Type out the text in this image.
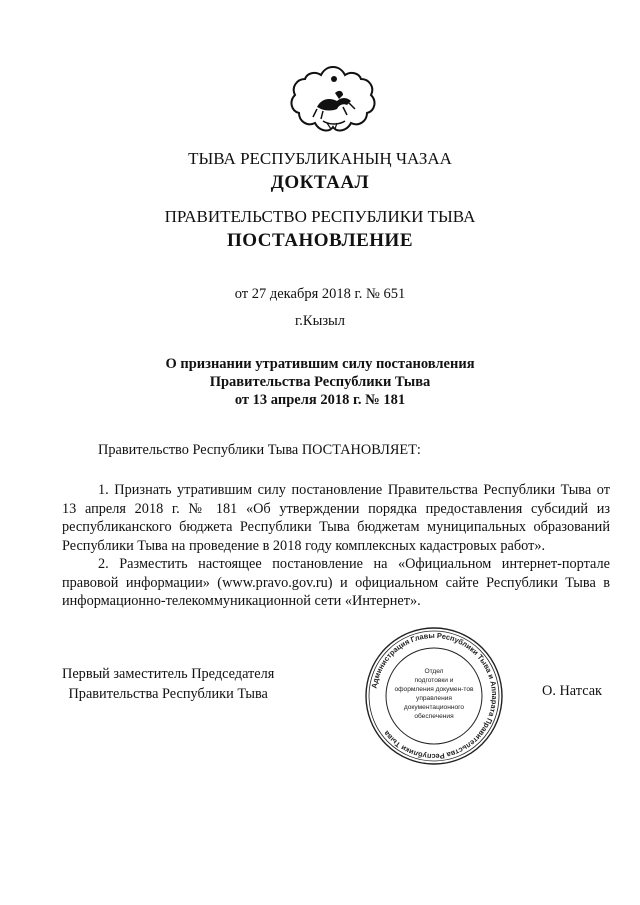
ТЫВА РЕСПУБЛИКАНЫҢ ЧАЗАА
ДОКТААЛ
ПРАВИТЕЛЬСТВО РЕСПУБЛИКИ ТЫВА
ПОСТАНОВЛЕНИЕ
от 27 декабря 2018 г. № 651
г.Кызыл
О признании утратившим силу постановления
Правительства Республики Тыва
от 13 апреля 2018 г. № 181
Правительство Республики Тыва ПОСТАНОВЛЯЕТ:

1. Признать утратившим силу постановление Правительства Республики Тыва от 13 апреля 2018 г. № 181 «Об утверждении порядка предоставления субсидий из республиканского бюджета Республики Тыва бюджетам муниципальных образований Республики Тыва на проведение в 2018 году комплексных кадастровых работ».

2. Разместить настоящее постановление на «Официальном интернет-портале правовой информации» (www.pravo.gov.ru) и официальном сайте Республики Тыва в информационно-телекоммуникационной сети «Интернет».

Первый заместитель Председателя
Правительства Республики Тыва
Администрация Главы Республики Тыва и Аппарата Правительства Республики Тыва
Отдел
подготовки и
оформления докумен-тов
управления
документационного
обеспечения
О. Натсак
